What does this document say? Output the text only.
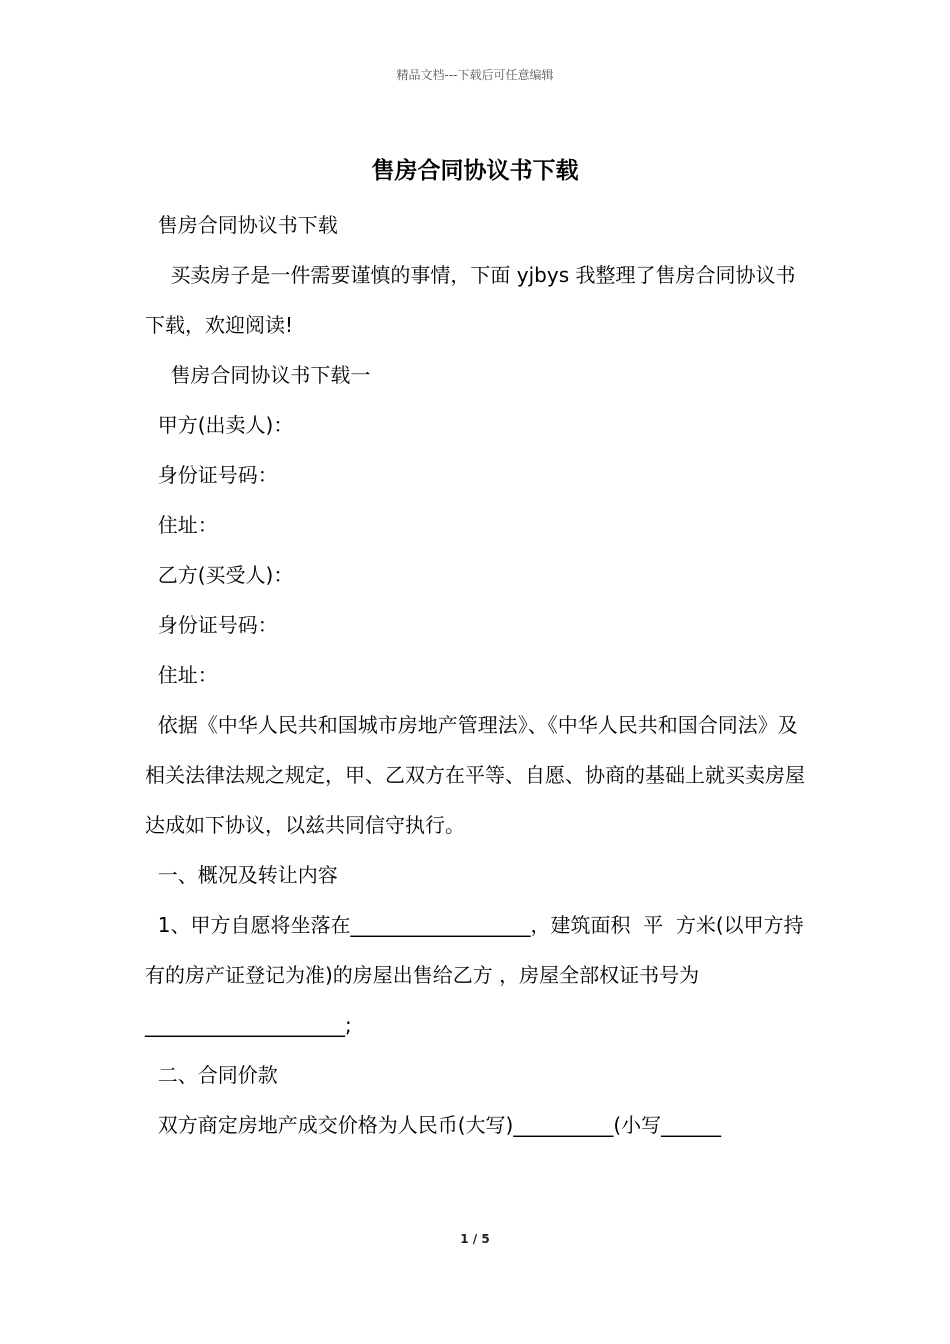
精品文档---下载后可任意编辑
售房合同协议书下载

售房合同协议书下载

买卖房子是一件需要谨慎的事情，下面 yjbys 我整理了售房合同协议书下载，欢迎阅读!

售房合同协议书下载一

甲方(出卖人)：

身份证号码：

住址：

乙方(买受人)：

身份证号码：

住址：

依据《中华人民共和国城市房地产管理法》、《中华人民共和国合同法》及相关法律法规之规定，甲、乙双方在平等、自愿、协商的基础上就买卖房屋达成如下协议，以兹共同信守执行。

一、概况及转让内容

1、甲方自愿将坐落在__________________，建筑面积  平  方米(以甲方持有的房产证登记为准)的房屋出售给乙方 ，房屋全部权证书号为____________________;

二、合同价款

双方商定房地产成交价格为人民币(大写)__________(小写______

1 / 5
